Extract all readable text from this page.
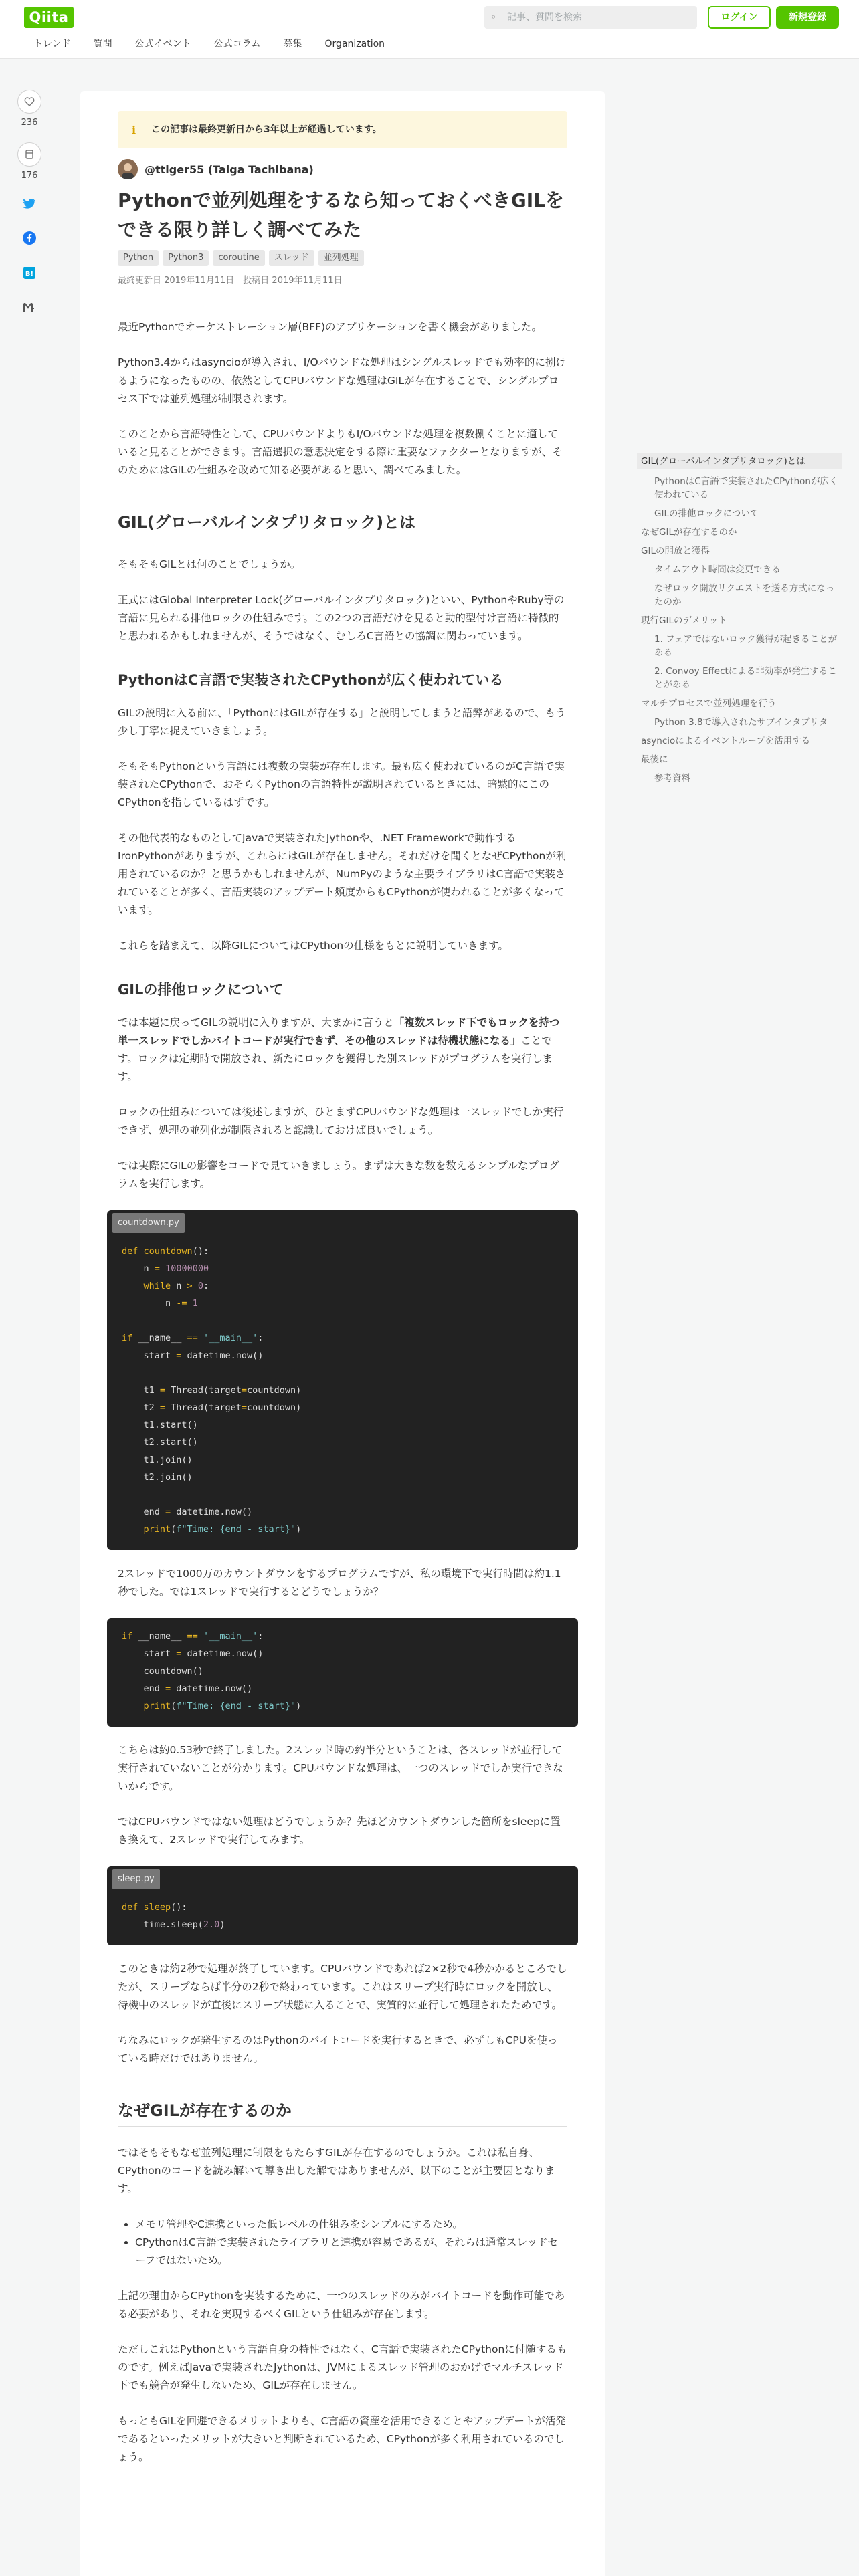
Qiita	⌕	記事、質問を検索	ログイン	新規登録
トレンド 質問 公式イベント 公式コラム 募集 Organization
236
176
B!
ℹ この記事は最終更新日から3年以上が経過しています。
@ttiger55 (Taiga Tachibana)
Pythonで並列処理をするなら知っておくべきGILをできる限り詳しく調べてみた
Python	Python3	coroutine	スレッド	並列処理
最終更新日 2019年11月11日　投稿日 2019年11月11日

最近Pythonでオーケストレーション層(BFF)のアプリケーションを書く機会がありました。

Python3.4からはasyncioが導入され、I/Oバウンドな処理はシングルスレッドでも効率的に捌けるようになったものの、依然としてCPUバウンドな処理はGILが存在することで、シングルプロセス下では並列処理が制限されます。

このことから言語特性として、CPUバウンドよりもI/Oバウンドな処理を複数捌くことに適していると見ることができます。言語選択の意思決定をする際に重要なファクターとなりますが、そのためにはGILの仕組みを改めて知る必要があると思い、調べてみました。

GIL(グローバルインタプリタロック)とは

そもそもGILとは何のことでしょうか。

正式にはGlobal Interpreter Lock(グローバルインタプリタロック)といい、PythonやRuby等の言語に見られる排他ロックの仕組みです。この2つの言語だけを見ると動的型付け言語に特徴的と思われるかもしれませんが、そうではなく、むしろC言語との協調に関わっています。

PythonはC言語で実装されたCPythonが広く使われている

GILの説明に入る前に、「PythonにはGILが存在する」と説明してしまうと語弊があるので、もう少し丁寧に捉えていきましょう。

そもそもPythonという言語には複数の実装が存在します。最も広く使われているのがC言語で実装されたCPythonで、おそらくPythonの言語特性が説明されているときには、暗黙的にこのCPythonを指しているはずです。

その他代表的なものとしてJavaで実装されたJythonや、.NET Frameworkで動作するIronPythonがありますが、これらにはGILが存在しません。それだけを聞くとなぜCPythonが利用されているのか？と思うかもしれませんが、NumPyのような主要ライブラリはC言語で実装されていることが多く、言語実装のアップデート頻度からもCPythonが使われることが多くなっています。

これらを踏まえて、以降GILについてはCPythonの仕様をもとに説明していきます。

GILの排他ロックについて

では本題に戻ってGILの説明に入りますが、大まかに言うと「複数スレッド下でもロックを持つ単一スレッドでしかバイトコードが実行できず、その他のスレッドは待機状態になる」ことです。ロックは定期時で開放され、新たにロックを獲得した別スレッドがプログラムを実行します。

ロックの仕組みについては後述しますが、ひとまずCPUバウンドな処理は一スレッドでしか実行できず、処理の並列化が制限されると認識しておけば良いでしょう。

では実際にGILの影響をコードで見ていきましょう。まずは大きな数を数えるシンプルなプログラムを実行します。

countdown.py
def countdown():
n = 10000000
while n > 0:
n -= 1

if __name__ == '__main__':
start = datetime.now()

t1 = Thread(target=countdown)
t2 = Thread(target=countdown)
t1.start()
t2.start()
t1.join()
t2.join()

end = datetime.now()
print(f"Time: {end - start}")

2スレッドで1000万のカウントダウンをするプログラムですが、私の環境下で実行時間は約1.1秒でした。では1スレッドで実行するとどうでしょうか？

if __name__ == '__main__':
start = datetime.now()
countdown()
end = datetime.now()
print(f"Time: {end - start}")

こちらは約0.53秒で終了しました。2スレッド時の約半分ということは、各スレッドが並行して実行されていないことが分かります。CPUバウンドな処理は、一つのスレッドでしか実行できないからです。

ではCPUバウンドではない処理はどうでしょうか？先ほどカウントダウンした箇所をsleepに置き換えて、2スレッドで実行してみます。

sleep.py
def sleep():
time.sleep(2.0)

このときは約2秒で処理が終了しています。CPUバウンドであれば2×2秒で4秒かかるところでしたが、スリープならば半分の2秒で終わっています。これはスリープ実行時にロックを開放し、待機中のスレッドが直後にスリープ状態に入ることで、実質的に並行して処理されたためです。

ちなみにロックが発生するのはPythonのバイトコードを実行するときで、必ずしもCPUを使っている時だけではありません。

なぜGILが存在するのか

ではそもそもなぜ並列処理に制限をもたらすGILが存在するのでしょうか。これは私自身、CPythonのコードを読み解いて導き出した解ではありませんが、以下のことが主要因となります。

• メモリ管理やC連携といった低レベルの仕組みをシンプルにするため。
• CPythonはC言語で実装されたライブラリと連携が容易であるが、それらは通常スレッドセーフではないため。

上記の理由からCPythonを実装するために、一つのスレッドのみがバイトコードを動作可能である必要があり、それを実現するべくGILという仕組みが存在します。

ただしこれはPythonという言語自身の特性ではなく、C言語で実装されたCPythonに付随するものです。例えばJavaで実装されたJythonは、JVMによるスレッド管理のおかげでマルチスレッド下でも競合が発生しないため、GILが存在しません。

もっともGILを回避できるメリットよりも、C言語の資産を活用できることやアップデートが活発であるといったメリットが大きいと判断されているため、CPythonが多く利用されているのでしょう。

GIL(グローバルインタプリタロック)とは
PythonはC言語で実装されたCPythonが広く使われている
GILの排他ロックについて
なぜGILが存在するのか
GILの開放と獲得
タイムアウト時間は変更できる
なぜロック開放リクエストを送る方式になったのか
現行GILのデメリット
1. フェアではないロック獲得が起きることがある
2. Convoy Effectによる非効率が発生することがある
マルチプロセスで並列処理を行う
Python 3.8で導入されたサブインタプリタ
asyncioによるイベントループを活用する
最後に
参考資料
